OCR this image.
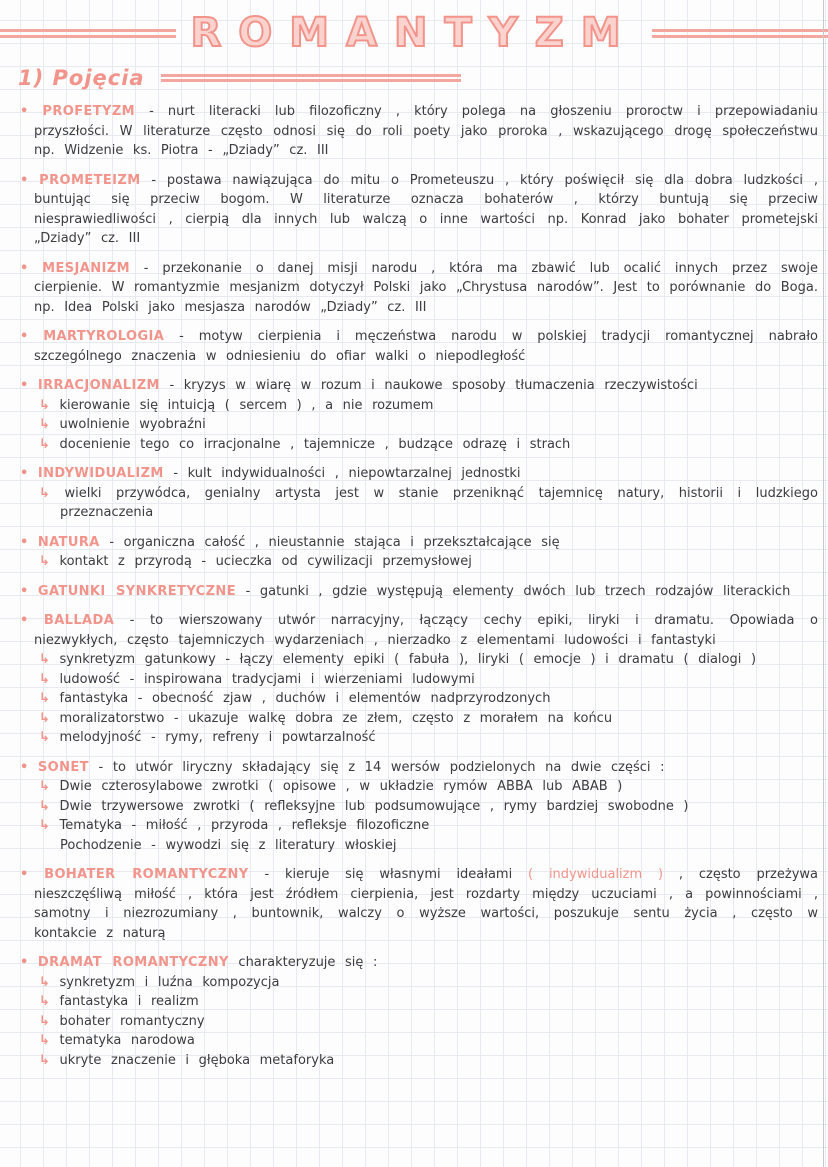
ROMANTYZM
1) Pojęcia

• PROFETYZM - nurt literacki lub filozoficzny , który polega na głoszeniu proroctw i przepowiadaniu przyszłości. W literaturze często odnosi się do roli poety jako proroka , wskazującego drogę społeczeństwu np. Widzenie ks. Piotra - „Dziady” cz. III

• PROMETEIZM - postawa nawiązująca do mitu o Prometeuszu , który poświęcił się dla dobra ludzkości , buntując się przeciw bogom. W literaturze oznacza bohaterów , którzy buntują się przeciw niesprawiedliwości , cierpią dla innych lub walczą o inne wartości np. Konrad jako bohater prometejski „Dziady” cz. III

• MESJANIZM - przekonanie o danej misji narodu , która ma zbawić lub ocalić innych przez swoje cierpienie. W romantyzmie mesjanizm dotyczył Polski jako „Chrystusa narodów”. Jest to porównanie do Boga. np. Idea Polski jako mesjasza narodów „Dziady” cz. III

• MARTYROLOGIA - motyw cierpienia i męczeństwa narodu w polskiej tradycji romantycznej nabrało szczególnego znaczenia w odniesieniu do ofiar walki o niepodległość

• IRRACJONALIZM - kryzys w wiarę w rozum i naukowe sposoby tłumaczenia rzeczywistości

↳ kierowanie się intuicją ( sercem ) , a nie rozumem

↳ uwolnienie wyobraźni

↳ docenienie tego co irracjonalne , tajemnicze , budzące odrazę i strach

• INDYWIDUALIZM - kult indywidualności , niepowtarzalnej jednostki

↳ wielki przywódca, genialny artysta jest w stanie przeniknąć tajemnicę natury, historii i ludzkiego przeznaczenia

• NATURA - organiczna całość , nieustannie stająca i przekształcające się

↳ kontakt z przyrodą - ucieczka od cywilizacji przemysłowej

• GATUNKI SYNKRETYCZNE - gatunki , gdzie występują elementy dwóch lub trzech rodzajów literackich

• BALLADA - to wierszowany utwór narracyjny, łączący cechy epiki, liryki i dramatu. Opowiada o niezwykłych, często tajemniczych wydarzeniach , nierzadko z elementami ludowości i fantastyki

↳ synkretyzm gatunkowy - łączy elementy epiki ( fabuła ), liryki ( emocje ) i dramatu ( dialogi )

↳ ludowość - inspirowana tradycjami i wierzeniami ludowymi

↳ fantastyka - obecność zjaw , duchów i elementów nadprzyrodzonych

↳ moralizatorstwo - ukazuje walkę dobra ze złem, często z morałem na końcu

↳ melodyjność - rymy, refreny i powtarzalność

• SONET - to utwór liryczny składający się z 14 wersów podzielonych na dwie części :

↳ Dwie czterosylabowe zwrotki ( opisowe , w układzie rymów ABBA lub ABAB )

↳ Dwie trzywersowe zwrotki ( refleksyjne lub podsumowujące , rymy bardziej swobodne )

↳ Tematyka - miłość , przyroda , refleksje filozoficzne

Pochodzenie - wywodzi się z literatury włoskiej

• BOHATER ROMANTYCZNY - kieruje się własnymi ideałami ( indywidualizm ) , często przeżywa nieszczęśliwą miłość , która jest źródłem cierpienia, jest rozdarty między uczuciami , a powinnościami , samotny i niezrozumiany , buntownik, walczy o wyższe wartości, poszukuje sentu życia , często w kontakcie z naturą

• DRAMAT ROMANTYCZNY charakteryzuje się :

↳ synkretyzm i luźna kompozycja

↳ fantastyka i realizm

↳ bohater romantyczny

↳ tematyka narodowa

↳ ukryte znaczenie i głęboka metaforyka
